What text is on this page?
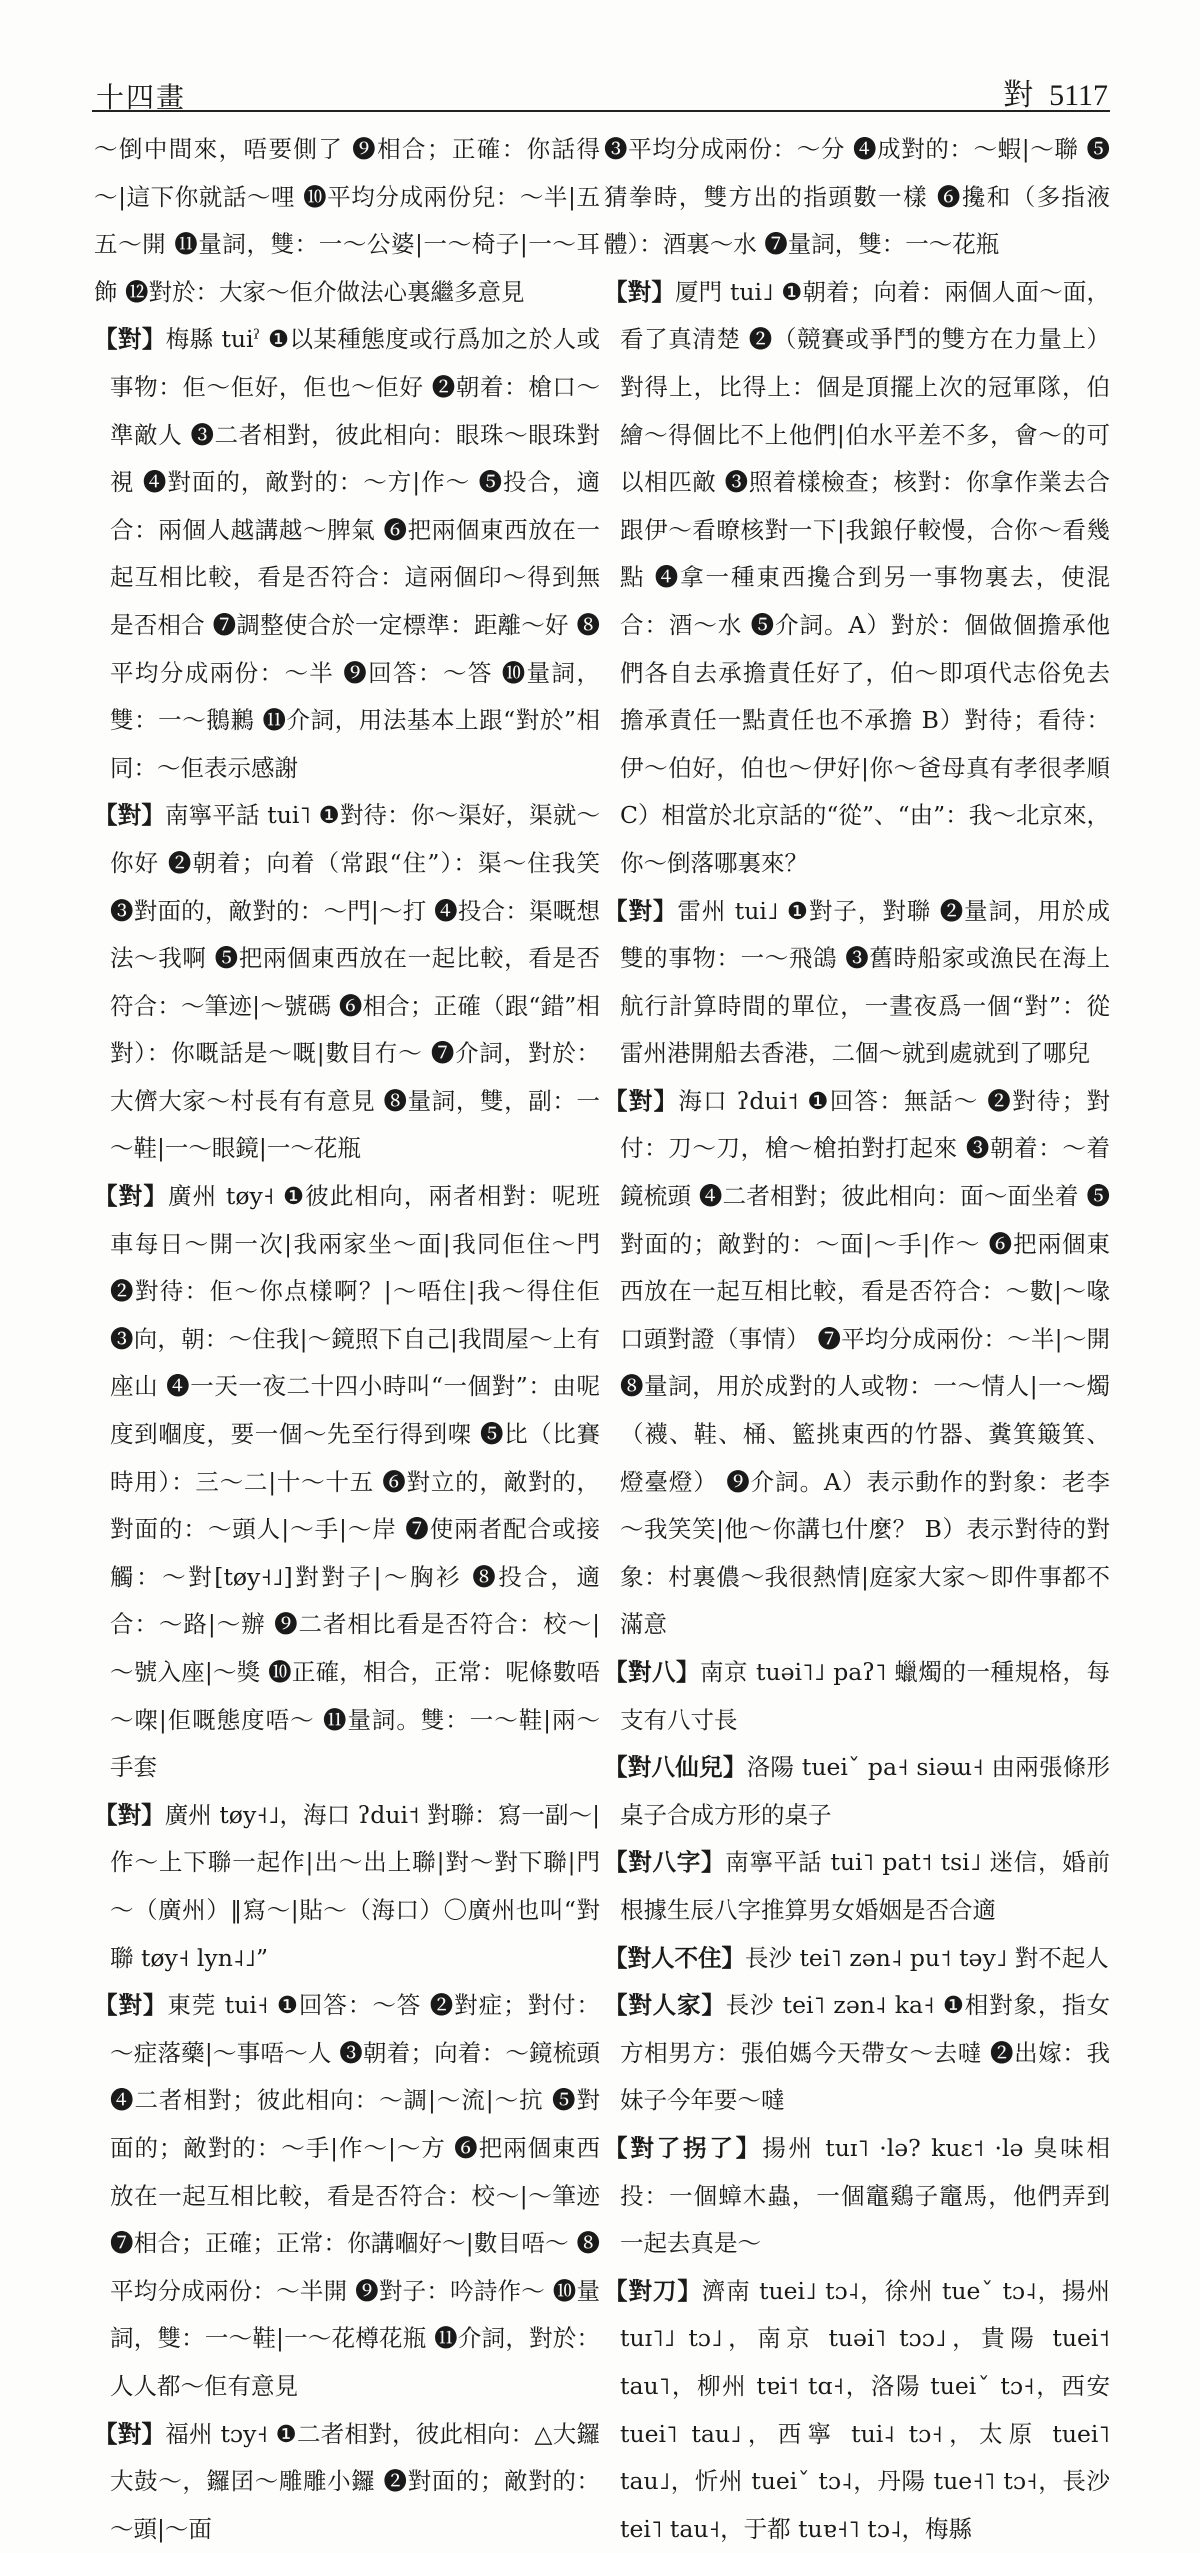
十四畫	對 5117

～倒中間來，唔要側了 ❾相合；正確：你話得～|這下你就話～哩 ❿平均分成兩份兒：～半|五五～開 ⓫量詞，雙：一～公婆|一～椅子|一～耳飾 ⓬對於：大家～佢介做法心裏繼多意見

【對】梅縣 tuiˀ ❶以某種態度或行爲加之於人或事物：佢～佢好，佢也～佢好 ❷朝着：槍口～準敵人 ❸二者相對，彼此相向：眼珠～眼珠對視 ❹對面的，敵對的：～方|作～ ❺投合，適合：兩個人越講越～脾氣 ❻把兩個東西放在一起互相比較，看是否符合：這兩個印～得到無是否相合 ❼調整使合於一定標準：距離～好 ❽平均分成兩份：～半 ❾回答：～答 ❿量詞，雙：一～鵝鶼 ⓫介詞，用法基本上跟“對於”相同：～佢表示感謝

【對】南寧平話 tui˥ ❶對待：你～渠好，渠就～你好 ❷朝着；向着（常跟“住”）：渠～住我笑 ❸對面的，敵對的：～門|～打 ❹投合：渠嘅想法～我啊 ❺把兩個東西放在一起比較，看是否符合：～筆迹|～號碼 ❻相合；正確（跟“錯”相對）：你嘅話是～嘅|數目冇～ ❼介詞，對於：大儕大家～村長有有意見 ❽量詞，雙，副：一～鞋|一～眼鏡|一～花瓶

【對】廣州 tøy˧ ❶彼此相向，兩者相對：呢班車每日～開一次|我兩家坐～面|我同佢住～門 ❷對待：佢～你点樣啊？|～唔住|我～得住佢 ❸向，朝：～住我|～鏡照下自己|我間屋～上有座山 ❹一天一夜二十四小時叫“一個對”：由呢度到嗰度，要一個～先至行得到㗎 ❺比（比賽時用）：三～二|十～十五 ❻對立的，敵對的，對面的：～頭人|～手|～岸 ❼使兩者配合或接觸：～對[tøy˧˩]對對子|～胸衫 ❽投合，適合：～路|～辦 ❾二者相比看是否符合：校～|～號入座|～獎 ❿正確，相合，正常：呢條數唔～㗎|佢嘅態度唔～ ⓫量詞。雙：一～鞋|兩～手套

【對】廣州 tøy˧˩，海口 ʔdui˦ 對聯：寫一副～|作～上下聯一起作|出～出上聯|對～對下聯|門～（廣州）‖寫～|貼～（海口）〇廣州也叫“對聯 tøy˧ lyn˨˩”

【對】東莞 tui˧ ❶回答：～答 ❷對症；對付：～症落藥|～事唔～人 ❸朝着；向着：～鏡梳頭 ❹二者相對；彼此相向：～調|～流|～抗 ❺對面的；敵對的：～手|作～|～方 ❻把兩個東西放在一起互相比較，看是否符合：校～|～筆迹 ❼相合；正確；正常：你講嗰好～|數目唔～ ❽平均分成兩份：～半開 ❾對子：吟詩作～ ❿量詞，雙：一～鞋|一～花樽花瓶 ⓫介詞，對於：人人都～佢有意見

【對】福州 tɔy˧ ❶二者相對，彼此相向：△大鑼大鼓～，鑼囝～雕雕小鑼 ❷對面的；敵對的：～頭|～面

❸平均分成兩份：～分 ❹成對的：～蝦|～聯 ❺猜拳時，雙方出的指頭數一樣 ❻攙和（多指液體）：酒裏～水 ❼量詞，雙：一～花瓶

【對】厦門 tui˩ ❶朝着；向着：兩個人面～面，看了真清楚 ❷（競賽或爭鬥的雙方在力量上）對得上，比得上：個是頂擺上次的冠軍隊，伯繪～得個比不上他們|伯水平差不多，會～的可以相匹敵 ❸照着樣檢查；核對：你拿作業去合跟伊～看暸核對一下|我鋃仔較慢，合你～看幾點 ❹拿一種東西攙合到另一事物裏去，使混合：酒～水 ❺介詞。A）對於：個做個擔承他們各自去承擔責任好了，伯～即項代志俗免去擔承責任一點責任也不承擔 B）對待；看待：伊～伯好，伯也～伊好|你～爸母真有孝很孝順 C）相當於北京話的“從”、“由”：我～北京來，你～倒落哪裏來？

【對】雷州 tui˩ ❶對子，對聯 ❷量詞，用於成雙的事物：一～飛鴿 ❸舊時船家或漁民在海上航行計算時間的單位，一晝夜爲一個“對”：從雷州港開船去香港，二個～就到處就到了哪兒

【對】海口 ʔdui˦ ❶回答：無話～ ❷對待；對付：刀～刀，槍～槍拍對打起來 ❸朝着：～着鏡梳頭 ❹二者相對；彼此相向：面～面坐着 ❺對面的；敵對的：～面|～手|作～ ❻把兩個東西放在一起互相比較，看是否符合：～數|～喙口頭對證（事情） ❼平均分成兩份：～半|～開 ❽量詞，用於成對的人或物：一～情人|一～燭（襪、鞋、桶、籃挑東西的竹器、糞箕簸箕、燈臺燈） ❾介詞。A）表示動作的對象：老李～我笑笑|他～你講乜什麼？ B）表示對待的對象：村裏儂～我很熱情|庭家大家～即件事都不滿意

【對八】南京 tuəi˥˩ paʔ˥ 蠟燭的一種規格，每支有八寸長

【對八仙兒】洛陽 tueiˇ pa˧ siəɯ˧ 由兩張條形桌子合成方形的桌子

【對八字】南寧平話 tui˥ pat˦ tsi˩ 迷信，婚前根據生辰八字推算男女婚姻是否合適

【對人不住】長沙 tei˥ zən˨ pu˦ təy˩ 對不起人

【對人家】長沙 tei˥ zən˨ ka˧ ❶相對象，指女方相男方：張伯媽今天帶女～去噠 ❷出嫁：我妹子今年要～噠

【對了拐了】揚州 tuɪ˥ ·lə? kuɛ˦ ·lə 臭味相投：一個蟑木蟲，一個竈鷄子竈馬，他們弄到一起去真是～

【對刀】濟南 tuei˩ tɔ˨，徐州 tueˇ tɔ˨，揚州 tuɪ˥˩ tɔ˩，南京 tuəi˥ tɔɔ˩，貴陽 tuei˦ tau˥，柳州 tɐi˦ tɑ˧，洛陽 tueiˇ tɔ˧，西安 tuei˥ tau˩，西寧 tui˨ tɔ˧，太原 tuei˥ tau˩，忻州 tueiˇ tɔ˨，丹陽 tue˧˥ tɔ˧，長沙 tei˥ tau˧，于都 tuɐ˧˥ tɔ˨，梅縣
